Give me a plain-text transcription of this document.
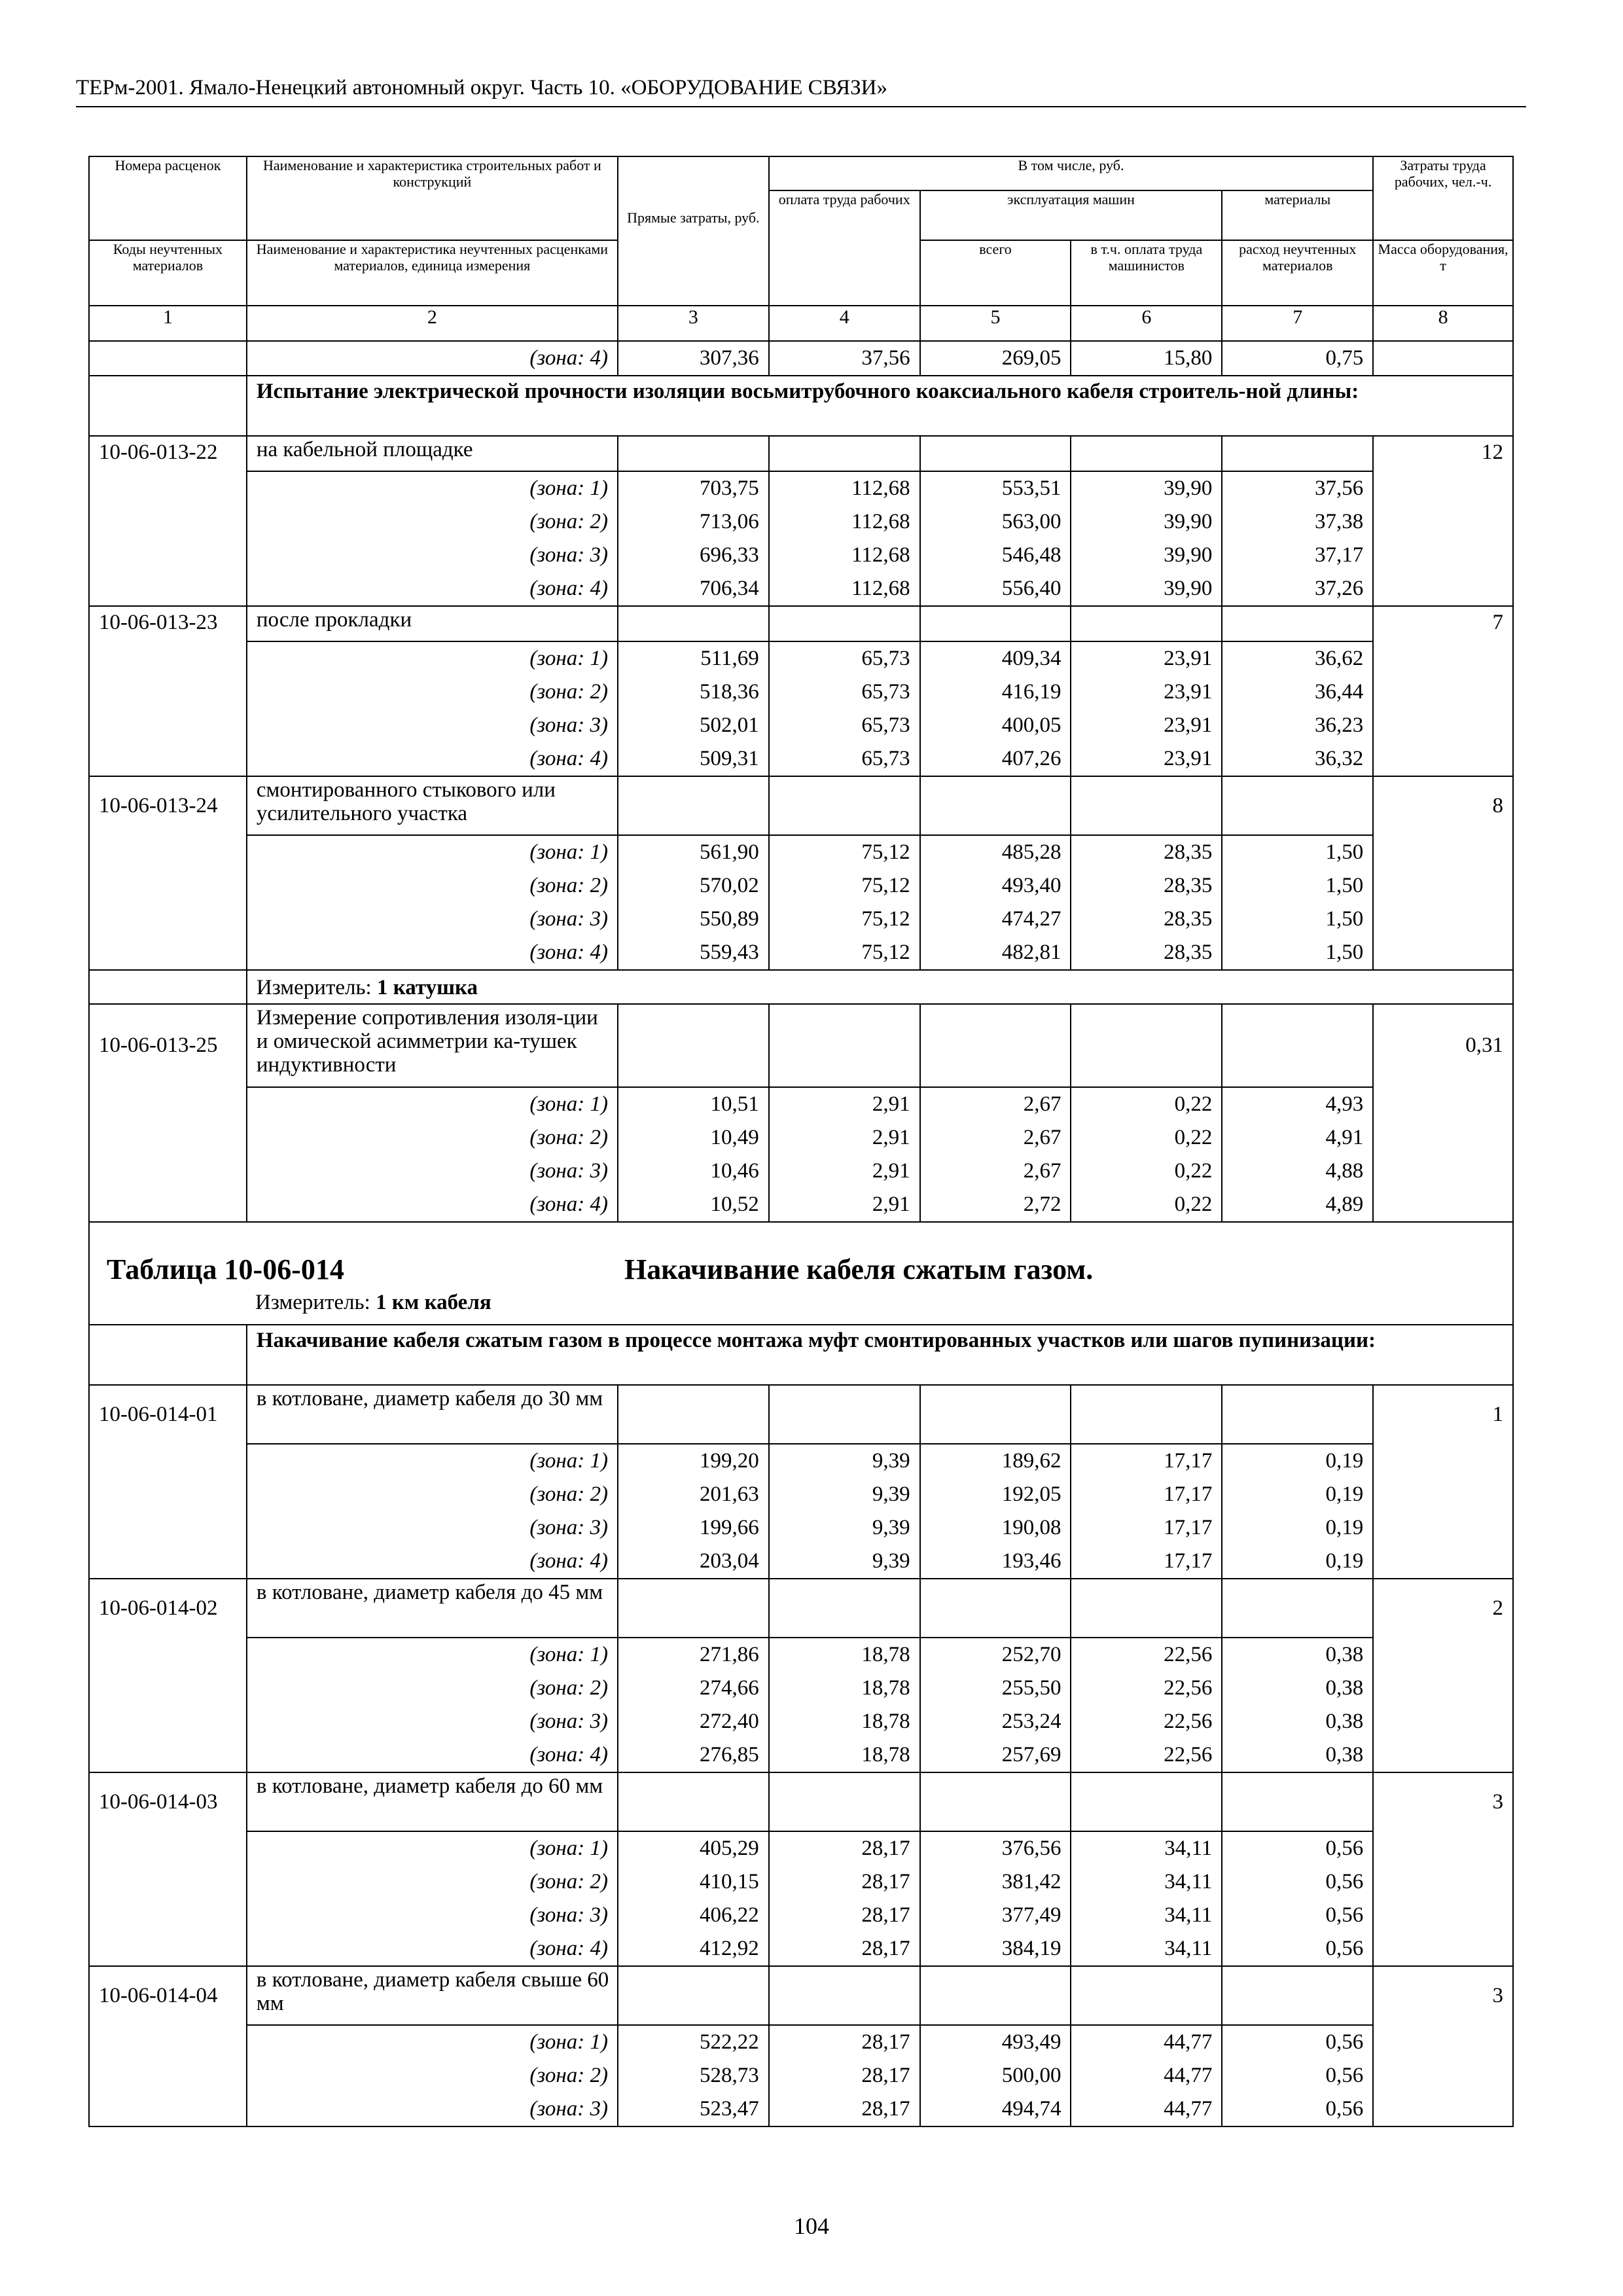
ТЕРм-2001. Ямало-Ненецкий автономный округ. Часть 10. «ОБОРУДОВАНИЕ СВЯЗИ»
Номера расценок	Наименование и характеристика строительных работ и конструкций	Прямые затраты, руб.	В том числе, руб.				Затраты труда рабочих, чел.-ч.
			оплата труда рабочих	эксплуатация машин		материалы	
Коды неучтенных материалов	Наименование и характеристика неучтенных расценками материалов, единица измерения			всего	в т.ч. оплата труда машинистов	расход неучтенных материалов	Масса оборудования, т

1	2	3	4	5	6	7	8
	(зона: 4)	307,36	37,56	269,05	15,80	0,75	
	Испытание электрической прочности изоляции восьмитрубочного коаксиального кабеля строитель-ной длины:						
10-06-013-22	на кабельной площадке						12
	(зона: 1)	703,75	112,68	553,51	39,90	37,56	
	(зона: 2)	713,06	112,68	563,00	39,90	37,38	
	(зона: 3)	696,33	112,68	546,48	39,90	37,17	
	(зона: 4)	706,34	112,68	556,40	39,90	37,26	
10-06-013-23	после прокладки						7
	(зона: 1)	511,69	65,73	409,34	23,91	36,62	
	(зона: 2)	518,36	65,73	416,19	23,91	36,44	
	(зона: 3)	502,01	65,73	400,05	23,91	36,23	
	(зона: 4)	509,31	65,73	407,26	23,91	36,32	
10-06-013-24	смонтированного стыкового или усилительного участка						8
	(зона: 1)	561,90	75,12	485,28	28,35	1,50	
	(зона: 2)	570,02	75,12	493,40	28,35	1,50	
	(зона: 3)	550,89	75,12	474,27	28,35	1,50	
	(зона: 4)	559,43	75,12	482,81	28,35	1,50	
	Измеритель: 1 катушка						
10-06-013-25	Измерение сопротивления изоля-ции и омической асимметрии ка-тушек индуктивности						0,31
	(зона: 1)	10,51	2,91	2,67	0,22	4,93	
	(зона: 2)	10,49	2,91	2,67	0,22	4,91	
	(зона: 3)	10,46	2,91	2,67	0,22	4,88	
	(зона: 4)	10,52	2,91	2,72	0,22	4,89	

Таблица 10-06-014 Накачивание кабеля сжатым газом.
Измеритель: 1 км кабеля							

	Накачивание кабеля сжатым газом в процессе монтажа муфт смонтированных участков или шагов пупинизации:						
10-06-014-01	в котловане, диаметр кабеля до 30 мм						1
	(зона: 1)	199,20	9,39	189,62	17,17	0,19	
	(зона: 2)	201,63	9,39	192,05	17,17	0,19	
	(зона: 3)	199,66	9,39	190,08	17,17	0,19	
	(зона: 4)	203,04	9,39	193,46	17,17	0,19	
10-06-014-02	в котловане, диаметр кабеля до 45 мм						2
	(зона: 1)	271,86	18,78	252,70	22,56	0,38	
	(зона: 2)	274,66	18,78	255,50	22,56	0,38	
	(зона: 3)	272,40	18,78	253,24	22,56	0,38	
	(зона: 4)	276,85	18,78	257,69	22,56	0,38	
10-06-014-03	в котловане, диаметр кабеля до 60 мм						3
	(зона: 1)	405,29	28,17	376,56	34,11	0,56	
	(зона: 2)	410,15	28,17	381,42	34,11	0,56	
	(зона: 3)	406,22	28,17	377,49	34,11	0,56	
	(зона: 4)	412,92	28,17	384,19	34,11	0,56	
10-06-014-04	в котловане, диаметр кабеля свыше 60 мм						3
	(зона: 1)	522,22	28,17	493,49	44,77	0,56	
	(зона: 2)	528,73	28,17	500,00	44,77	0,56	
	(зона: 3)	523,47	28,17	494,74	44,77	0,56	
104
